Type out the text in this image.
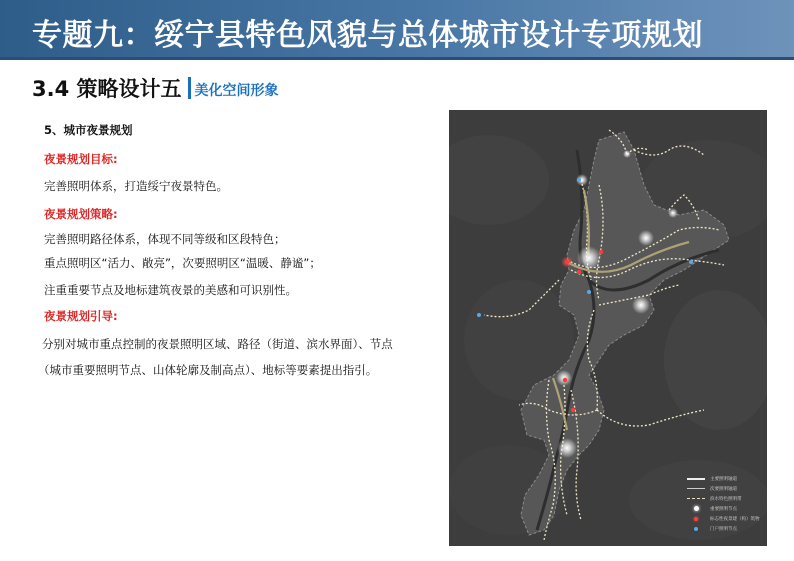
专题九：绥宁县特色风貌与总体城市设计专项规划
3.4 策略设计五 美化空间形象
5、城市夜景规划
夜景规划目标:
完善照明体系，打造绥宁夜景特色。
夜景规划策略:
完善照明路径体系，体现不同等级和区段特色；
重点照明区“活力、敞亮”，次要照明区“温暖、静谧”；
注重重要节点及地标建筑夜景的美感和可识别性。
夜景规划引导:
分别对城市重点控制的夜景照明区域、路径（街道、滨水界面）、节点
（城市重要照明节点、山体轮廓及制高点）、地标等要素提出指引。
主要照明轴道
次要照明轴道
滨水特色照明带
重要照明节点
标志性夜景建（构）筑物
门户照明节点
